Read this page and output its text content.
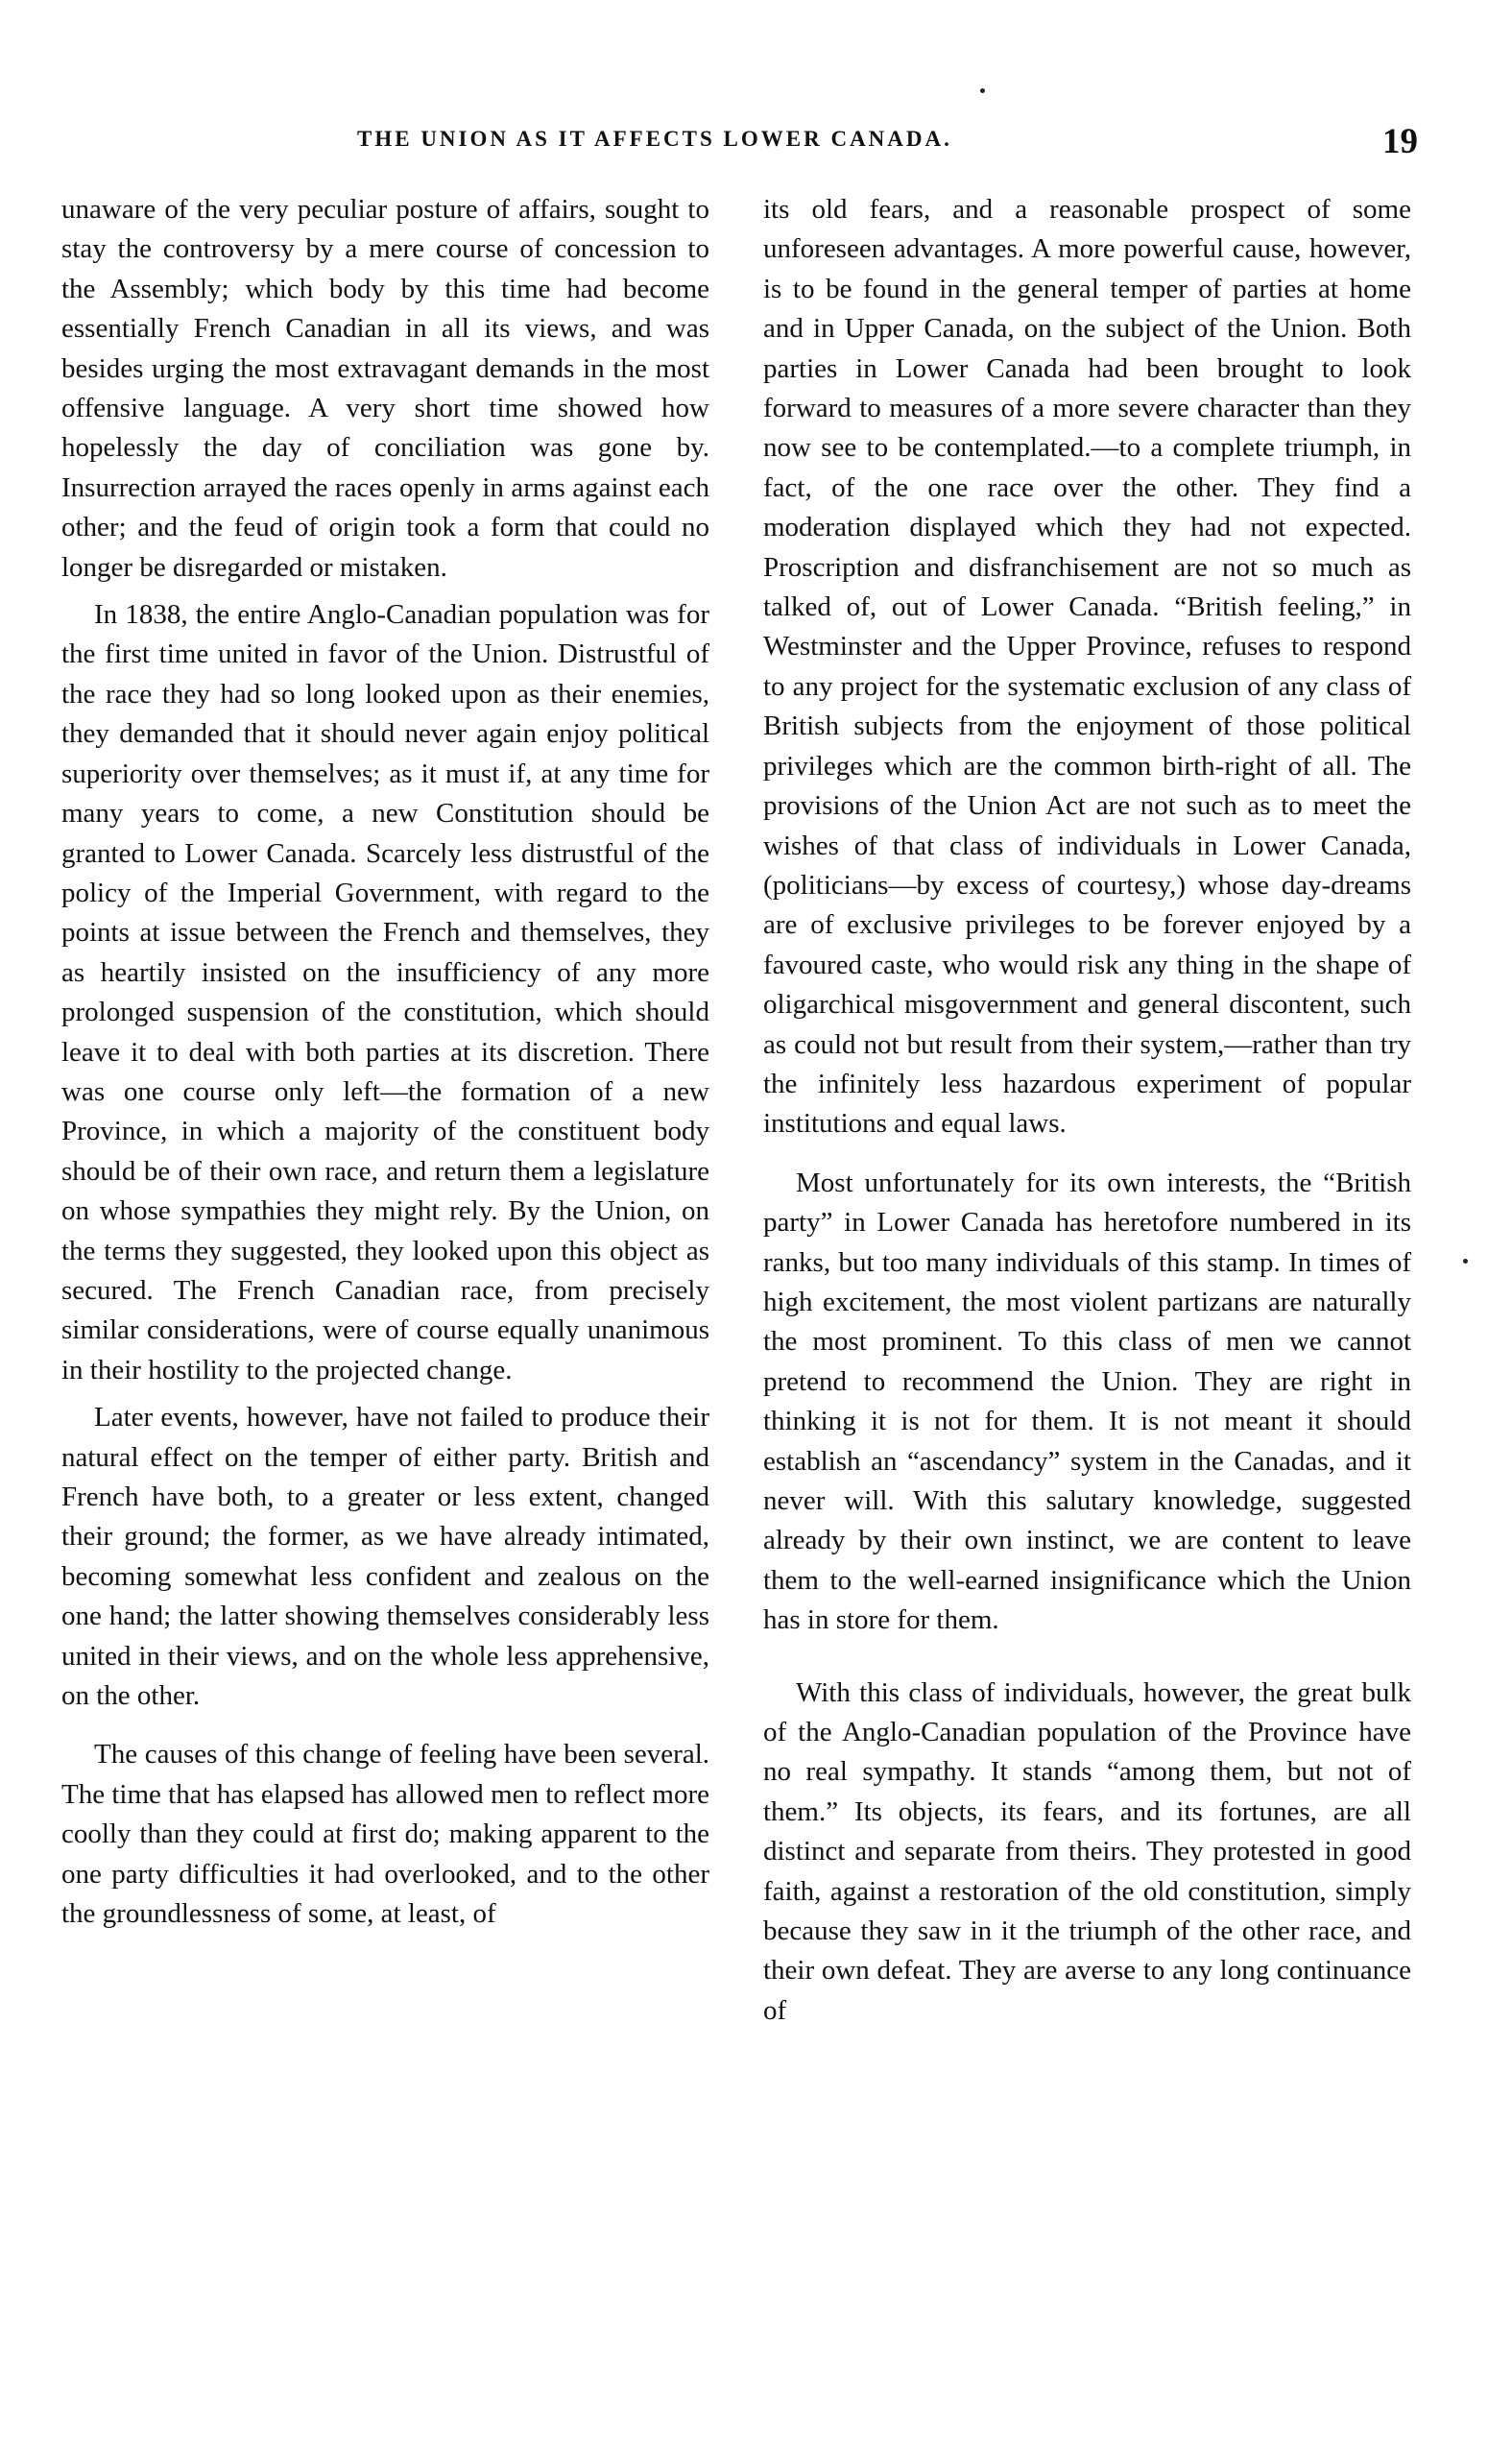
THE UNION AS IT AFFECTS LOWER CANADA.	19

unaware of the very peculiar posture of affairs, sought to stay the controversy by a mere course of concession to the Assembly; which body by this time had become essentially French Canadian in all its views, and was besides urging the most extravagant demands in the most offensive language. A very short time showed how hopelessly the day of conciliation was gone by. Insurrection arrayed the races openly in arms against each other; and the feud of origin took a form that could no longer be disregarded or mistaken.

In 1838, the entire Anglo-Canadian population was for the first time united in favor of the Union. Distrustful of the race they had so long looked upon as their enemies, they demanded that it should never again enjoy political superiority over themselves; as it must if, at any time for many years to come, a new Constitution should be granted to Lower Canada. Scarcely less distrustful of the policy of the Imperial Government, with regard to the points at issue between the French and themselves, they as heartily insisted on the insufficiency of any more prolonged suspension of the constitution, which should leave it to deal with both parties at its discretion. There was one course only left—the formation of a new Province, in which a majority of the constituent body should be of their own race, and return them a legislature on whose sympathies they might rely. By the Union, on the terms they suggested, they looked upon this object as secured. The French Canadian race, from precisely similar considerations, were of course equally unanimous in their hostility to the projected change.

Later events, however, have not failed to produce their natural effect on the temper of either party. British and French have both, to a greater or less extent, changed their ground; the former, as we have already intimated, becoming somewhat less confident and zealous on the one hand; the latter showing themselves considerably less united in their views, and on the whole less apprehensive, on the other.

The causes of this change of feeling have been several. The time that has elapsed has allowed men to reflect more coolly than they could at first do; making apparent to the one party difficulties it had overlooked, and to the other the groundlessness of some, at least, of

its old fears, and a reasonable prospect of some unforeseen advantages. A more powerful cause, however, is to be found in the general temper of parties at home and in Upper Canada, on the subject of the Union. Both parties in Lower Canada had been brought to look forward to measures of a more severe character than they now see to be contemplated.—to a complete triumph, in fact, of the one race over the other. They find a moderation displayed which they had not expected. Proscription and disfranchisement are not so much as talked of, out of Lower Canada. “British feeling,” in Westminster and the Upper Province, refuses to respond to any project for the systematic exclusion of any class of British subjects from the enjoyment of those political privileges which are the common birth-right of all. The provisions of the Union Act are not such as to meet the wishes of that class of individuals in Lower Canada, (politicians—by excess of courtesy,) whose day-dreams are of exclusive privileges to be forever enjoyed by a favoured caste, who would risk any thing in the shape of oligarchical misgovernment and general discontent, such as could not but result from their system,—rather than try the infinitely less hazardous experiment of popular institutions and equal laws.

Most unfortunately for its own interests, the “British party” in Lower Canada has heretofore numbered in its ranks, but too many individuals of this stamp. In times of high excitement, the most violent partizans are naturally the most prominent. To this class of men we cannot pretend to recommend the Union. They are right in thinking it is not for them. It is not meant it should establish an “ascendancy” system in the Canadas, and it never will. With this salutary knowledge, suggested already by their own instinct, we are content to leave them to the well-earned insignificance which the Union has in store for them.

With this class of individuals, however, the great bulk of the Anglo-Canadian population of the Province have no real sympathy. It stands “among them, but not of them.” Its objects, its fears, and its fortunes, are all distinct and separate from theirs. They protested in good faith, against a restoration of the old constitution, simply because they saw in it the triumph of the other race, and their own defeat. They are averse to any long continuance of
